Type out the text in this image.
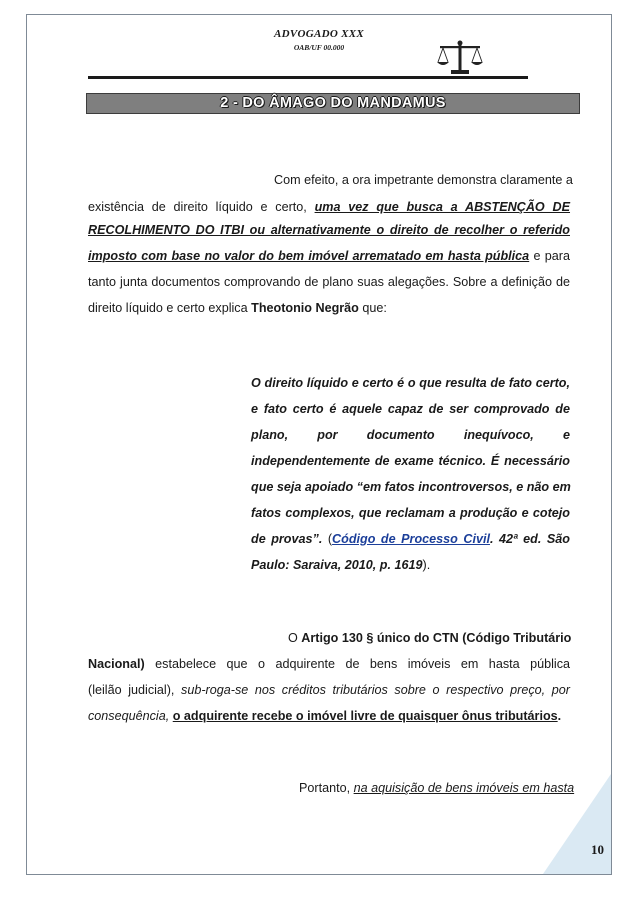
ADVOGADO XXX
OAB/UF 00.000
2 - DO ÂMAGO DO MANDAMUS
Com efeito, a ora impetrante demonstra claramente a
existência de direito líquido e certo, uma vez que busca a ABSTENÇÃO DE
RECOLHIMENTO DO ITBI ou alternativamente o direito de recolher o referido
imposto com base no valor do bem imóvel arrematado em hasta pública e para
tanto junta documentos comprovando de plano suas alegações. Sobre a definição de
direito líquido e certo explica Theotonio Negrão que:
O direito líquido e certo é o que resulta de fato certo,
e fato certo é aquele capaz de ser comprovado de
plano, por documento inequívoco, e
independentemente de exame técnico. É necessário
que seja apoiado “em fatos incontroversos, e não em
fatos complexos, que reclamam a produção e cotejo
de provas”. (Código de Processo Civil. 42ª ed. São
Paulo: Saraiva, 2010, p. 1619).
O Artigo 130 § único do CTN (Código Tributário
Nacional) estabelece que o adquirente de bens imóveis em hasta pública
(leilão judicial), sub-roga-se nos créditos tributários sobre o respectivo preço, por
consequência, o adquirente recebe o imóvel livre de quaisquer ônus tributários.
Portanto, na aquisição de bens imóveis em hasta
10
